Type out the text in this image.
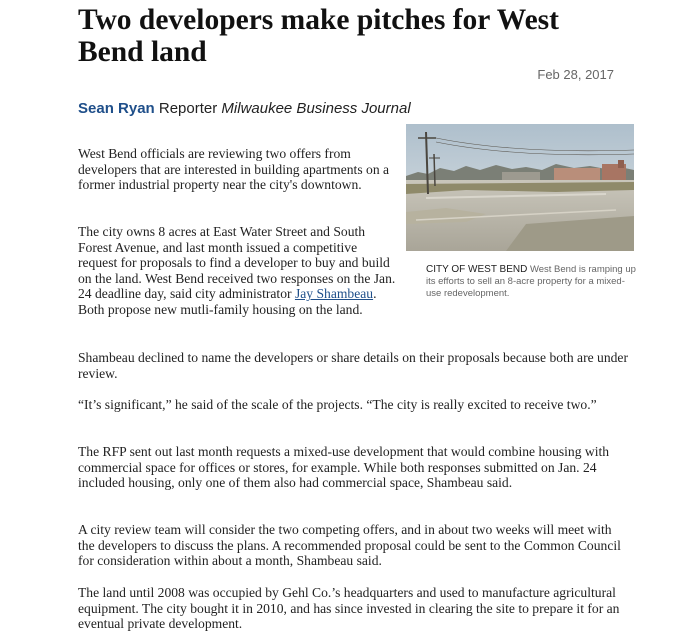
Two developers make pitches for West Bend land
Feb 28, 2017
Sean Ryan Reporter Milwaukee Business Journal
CITY OF WEST BEND West Bend is ramping up its efforts to sell an 8-acre property for a mixed-use redevelopment.

West Bend officials are reviewing two offers from developers that are interested in building apartments on a former industrial property near the city's downtown.

The city owns 8 acres at East Water Street and South Forest Avenue, and last month issued a competitive request for proposals to find a developer to buy and build on the land. West Bend received two responses on the Jan. 24 deadline day, said city administrator Jay Shambeau. Both propose new mutli-family housing on the land.

Shambeau declined to name the developers or share details on their proposals because both are under review.

“It’s significant,” he said of the scale of the projects. “The city is really excited to receive two.”

The RFP sent out last month requests a mixed-use development that would combine housing with commercial space for offices or stores, for example. While both responses submitted on Jan. 24 included housing, only one of them also had commercial space, Shambeau said.

A city review team will consider the two competing offers, and in about two weeks will meet with the developers to discuss the plans. A recommended proposal could be sent to the Common Council for consideration within about a month, Shambeau said.

The land until 2008 was occupied by Gehl Co.’s headquarters and used to manufacture agricultural equipment. The city bought it in 2010, and has since invested in clearing the site to prepare it for an eventual private development.
